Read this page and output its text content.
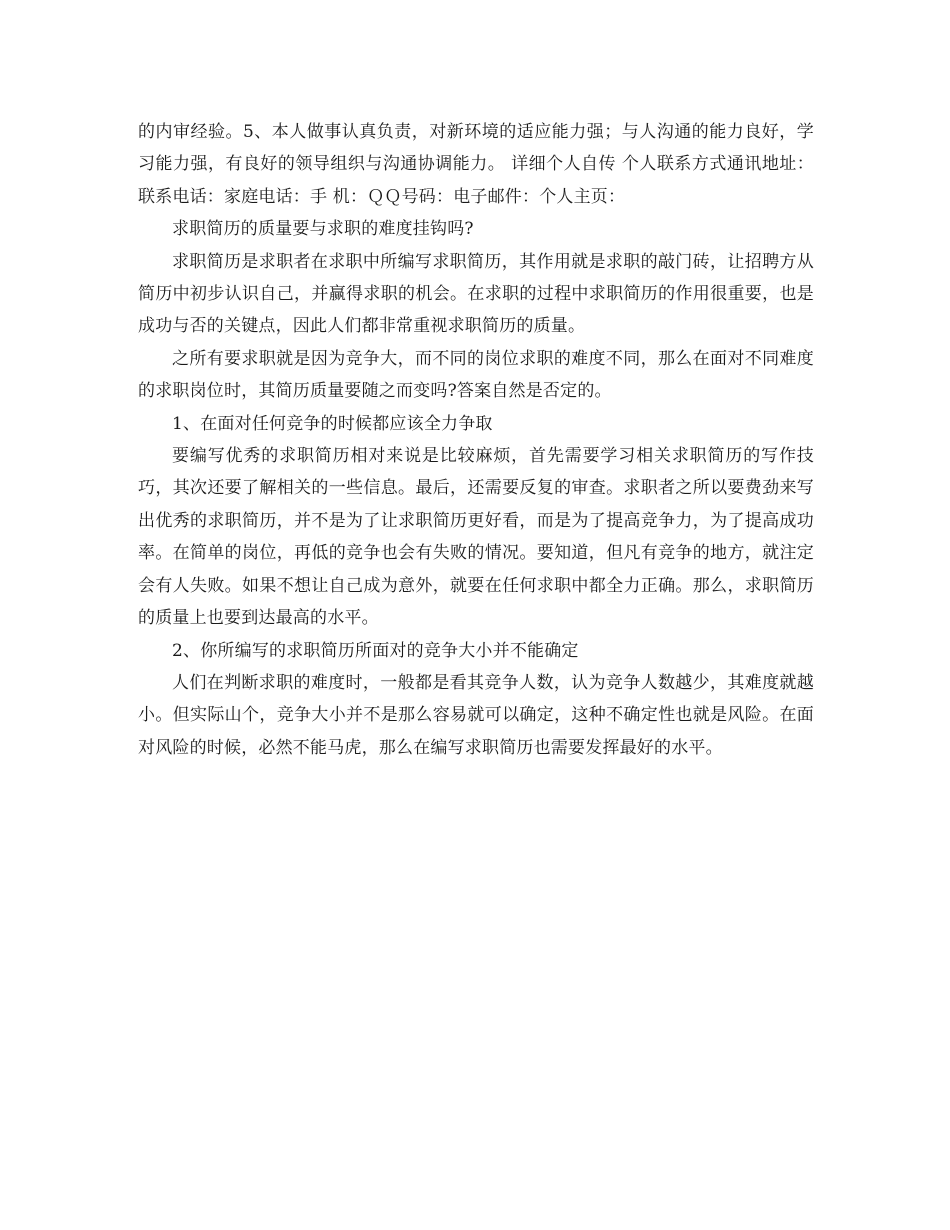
的内审经验。5、本人做事认真负责，对新环境的适应能力强；与人沟通的能力良好，学习能力强，有良好的领导组织与沟通协调能力。 详细个人自传 个人联系方式通讯地址：联系电话：家庭电话：手 机：ＱＱ号码：电子邮件：个人主页：

求职简历的质量要与求职的难度挂钩吗?

求职简历是求职者在求职中所编写求职简历，其作用就是求职的敲门砖，让招聘方从简历中初步认识自己，并赢得求职的机会。在求职的过程中求职简历的作用很重要，也是成功与否的关键点，因此人们都非常重视求职简历的质量。

之所有要求职就是因为竞争大，而不同的岗位求职的难度不同，那么在面对不同难度的求职岗位时，其简历质量要随之而变吗?答案自然是否定的。

1、在面对任何竞争的时候都应该全力争取

要编写优秀的求职简历相对来说是比较麻烦，首先需要学习相关求职简历的写作技巧，其次还要了解相关的一些信息。最后，还需要反复的审查。求职者之所以要费劲来写出优秀的求职简历，并不是为了让求职简历更好看，而是为了提高竞争力，为了提高成功率。在简单的岗位，再低的竞争也会有失败的情况。要知道，但凡有竞争的地方，就注定会有人失败。如果不想让自己成为意外，就要在任何求职中都全力正确。那么，求职简历的质量上也要到达最高的水平。

2、你所编写的求职简历所面对的竞争大小并不能确定

人们在判断求职的难度时，一般都是看其竞争人数，认为竞争人数越少，其难度就越小。但实际山个，竞争大小并不是那么容易就可以确定，这种不确定性也就是风险。在面对风险的时候，必然不能马虎，那么在编写求职简历也需要发挥最好的水平。
